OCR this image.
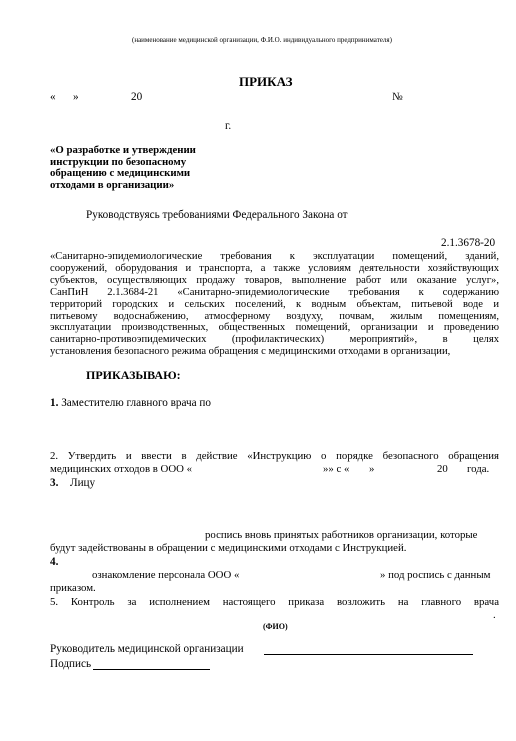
(наименование медицинской организации, Ф.И.О. индивидуального предпринимателя)
ПРИКАЗ
« »	20	№
г.
«О разработке и утверждении
инструкции по безопасному
обращению с медицинскими
отходами в организации»
Руководствуясь требованиями Федерального Закона от
2.1.3678-20
«Санитарно-эпидемиологические требования к эксплуатации помещений, зданий,
сооружений, оборудования и транспорта, а также условиям деятельности хозяйствующих
субъектов, осуществляющих продажу товаров, выполнение работ или оказание услуг»,
СанПиН 2.1.3684-21 «Санитарно-эпидемиологические требования к содержанию
территорий городских и сельских поселений, к водным объектам, питьевой воде и
питьевому водоснабжению, атмосферному воздуху, почвам, жилым помещениям,
эксплуатации производственных, общественных помещений, организации и проведению
санитарно-противоэпидемических (профилактических) мероприятий», в целях
установления безопасного режима обращения с медицинскими отходами в организации,
ПРИКАЗЫВАЮ:
1. Заместителю главного врача по
2. Утвердить и ввести в действие «Инструкцию о порядке безопасного обращения
медицинских отходов в ООО «	»» с « »	20 года.
3. Лицу
роспись вновь принятых работников организации, которые
будут задействованы в обращении с медицинскими отходами с Инструкцией.
4.
ознакомление персонала ООО «	» под роспись с данным
приказом.
5. Контроль за исполнением настоящего приказа возложить на главного врача
.
(ФИО)
Руководитель медицинской организации
Подпись
